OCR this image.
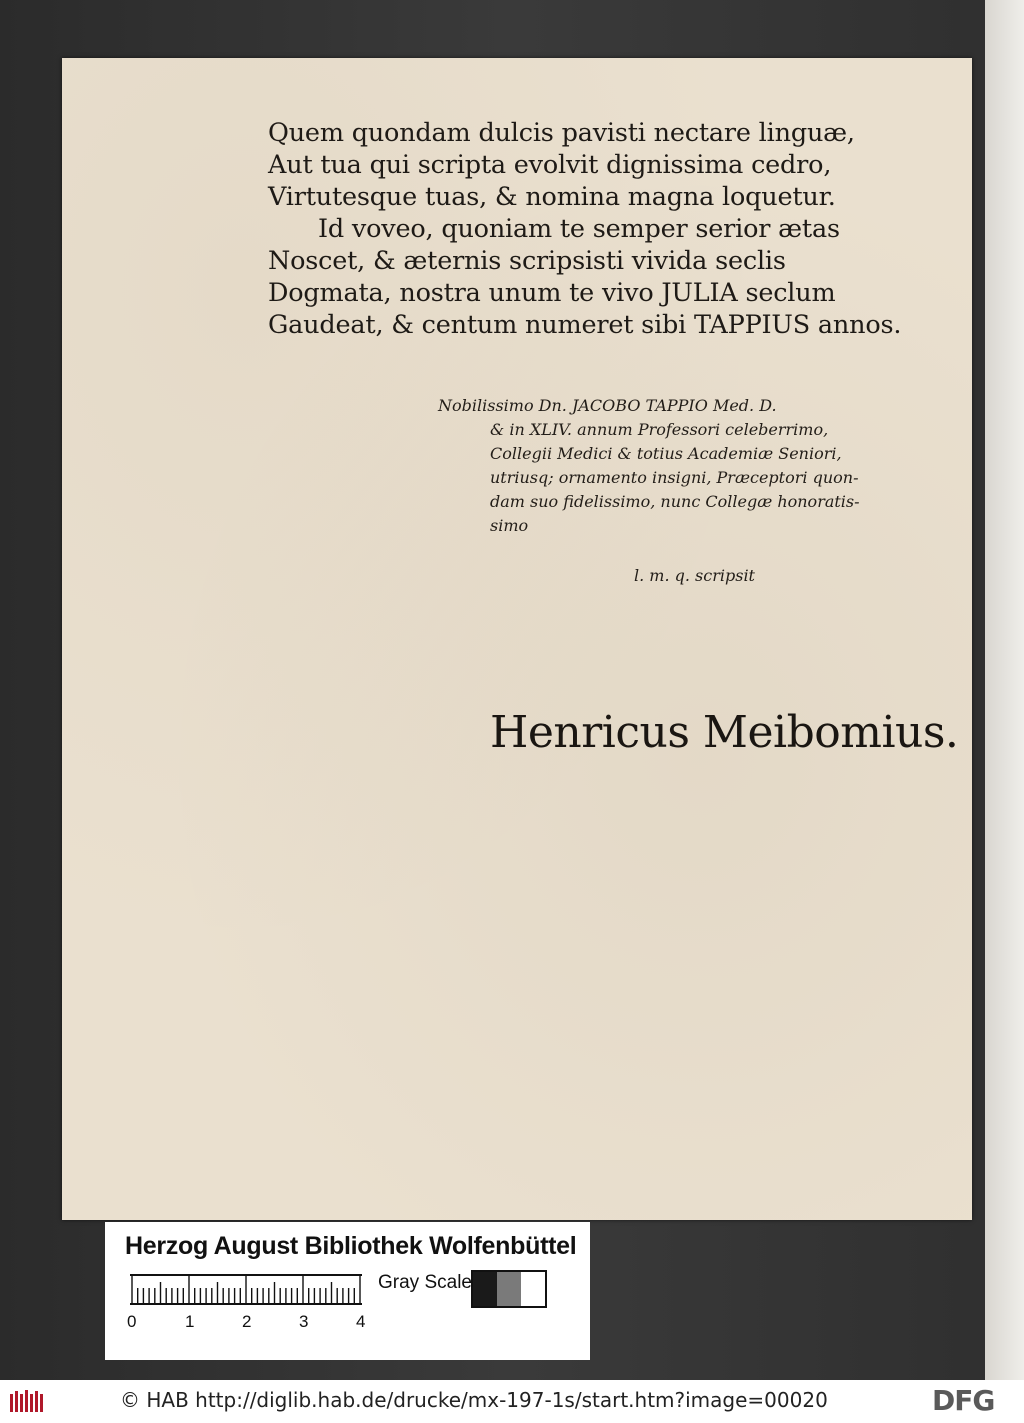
Quem quondam dulcis pavisti nectare linguæ,
Aut tua qui scripta evolvit dignissima cedro,
Virtutesque tuas, & nomina magna loquetur.
Id voveo, quoniam te semper serior ætas
Noscet, & æternis scripsisti vivida seclis
Dogmata, nostra unum te vivo JULIA seclum
Gaudeat, & centum numeret sibi TAPPIUS annos.
Nobilissimo Dn. JACOBO TAPPIO Med. D.
& in XLIV. annum Professori celeberrimo,
Collegii Medici & totius Academiæ Seniori,
utriusq; ornamento insigni, Præceptori quon-
dam suo fidelissimo, nunc Collegæ honoratis-
simo
l. m. q. scripsit
Henricus Meibomius.
Herzog August Bibliothek Wolfenbüttel
0	1	2	3	4
Gray Scale
© HAB http://diglib.hab.de/drucke/mx-197-1s/start.htm?image=00020	DFG
